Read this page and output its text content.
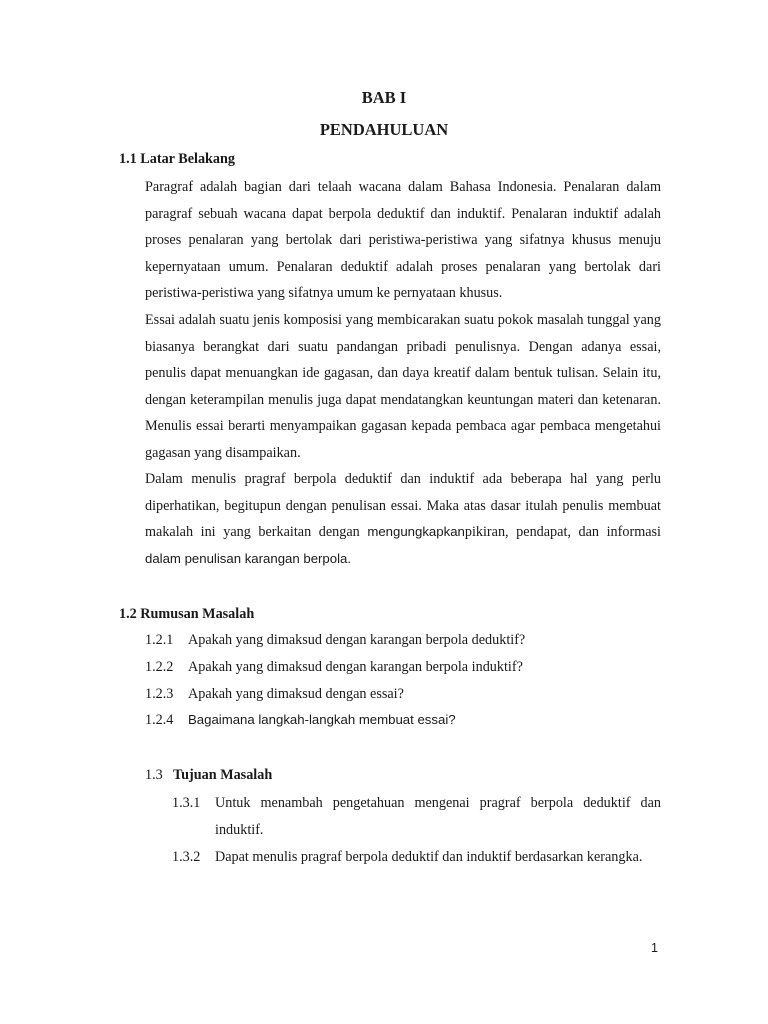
BAB I
PENDAHULUAN
1.1 Latar Belakang

Paragraf adalah bagian dari telaah wacana dalam Bahasa Indonesia. Penalaran dalam paragraf sebuah wacana dapat berpola deduktif dan induktif. Penalaran induktif adalah proses penalaran yang bertolak dari peristiwa-peristiwa yang sifatnya khusus menuju kepernyataan umum. Penalaran deduktif adalah proses penalaran yang bertolak dari peristiwa-peristiwa yang sifatnya umum ke pernyataan khusus.

Essai adalah suatu jenis komposisi yang membicarakan suatu pokok masalah tunggal yang biasanya berangkat dari suatu pandangan pribadi penulisnya. Dengan adanya essai, penulis dapat menuangkan ide gagasan, dan daya kreatif dalam bentuk tulisan. Selain itu, dengan keterampilan menulis juga dapat mendatangkan keuntungan materi dan ketenaran. Menulis essai berarti menyampaikan gagasan kepada pembaca agar pembaca mengetahui gagasan yang disampaikan.

Dalam menulis pragraf berpola deduktif dan induktif ada beberapa hal yang perlu diperhatikan, begitupun dengan penulisan essai. Maka atas dasar itulah penulis membuat makalah ini yang berkaitan dengan mengungkapkanpikiran, pendapat, dan informasi dalam penulisan karangan berpola.

1.2 Rumusan Masalah
1.2.1 Apakah yang dimaksud dengan karangan berpola deduktif?
1.2.2 Apakah yang dimaksud dengan karangan berpola induktif?
1.2.3 Apakah yang dimaksud dengan essai?
1.2.4 Bagaimana langkah-langkah membuat essai?
1.3 Tujuan Masalah
1.3.1 Untuk menambah pengetahuan mengenai pragraf berpola deduktif dan induktif.
1.3.2 Dapat menulis pragraf berpola deduktif dan induktif berdasarkan kerangka.
1
